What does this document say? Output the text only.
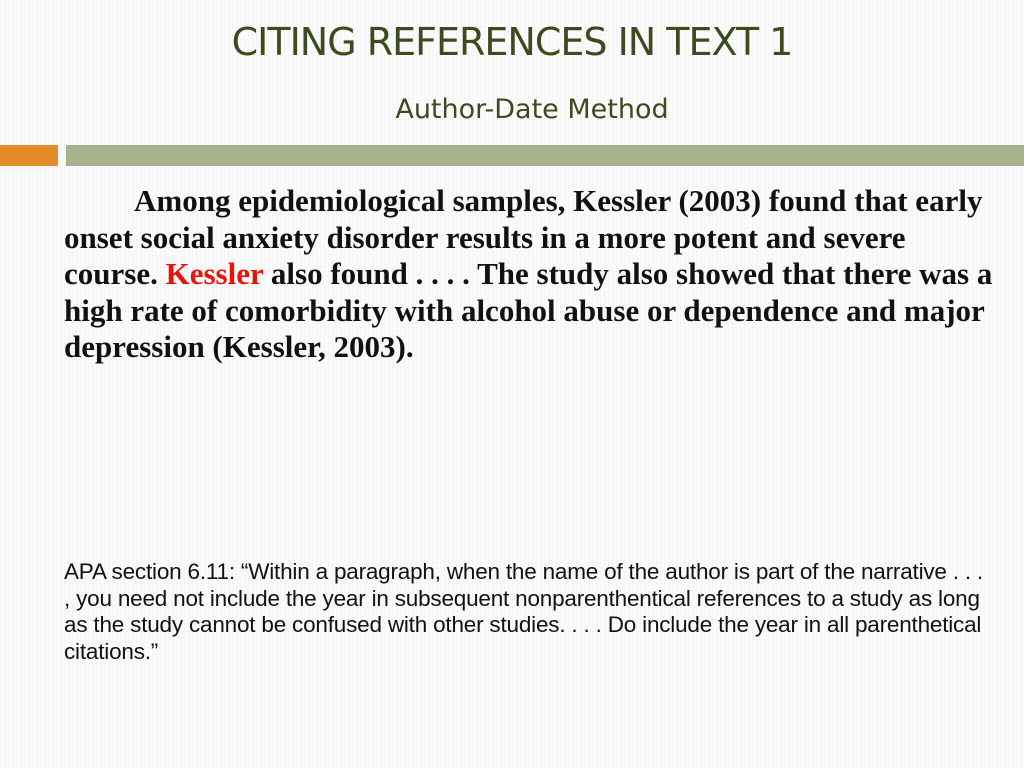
CITING REFERENCES IN TEXT 1
Author-Date Method

Among epidemiological samples, Kessler (2003) found that early onset social anxiety disorder results in a more potent and severe course. Kessler also found . . . . The study also showed that there was a high rate of comorbidity with alcohol abuse or dependence and major depression (Kessler, 2003).

APA section 6.11: “Within a paragraph, when the name of the author is part of the narrative . . . , you need not include the year in subsequent nonparenthentical references to a study as long as the study cannot be confused with other studies. . . . Do include the year in all parenthetical citations.”
